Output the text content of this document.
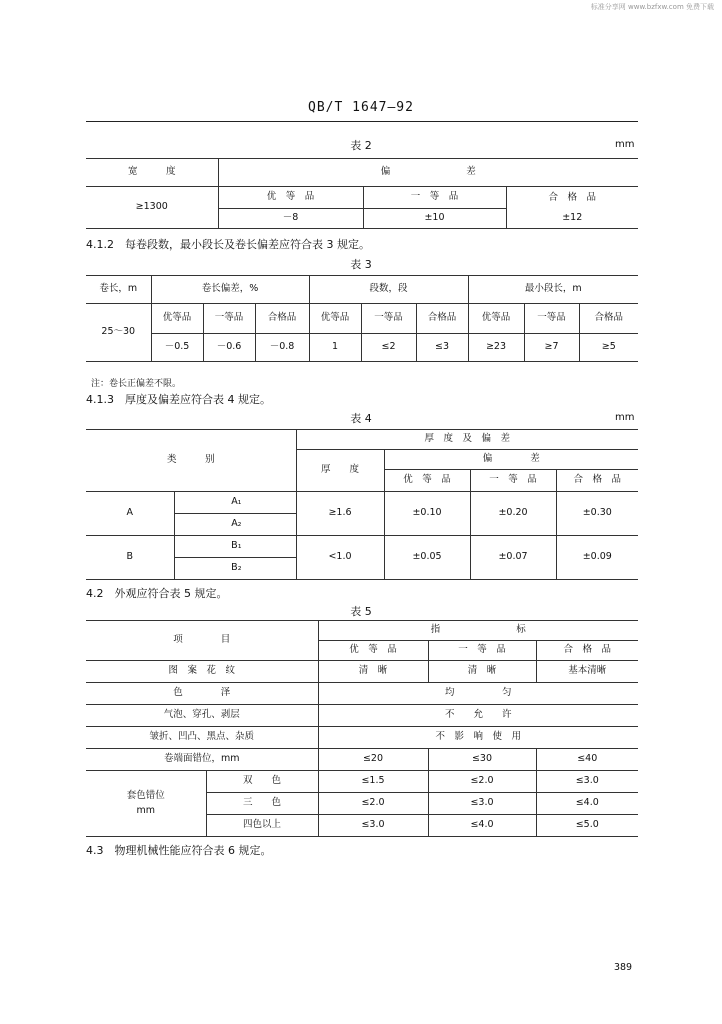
标准分享网 www.bzfxw.com 免费下载
QB/T 1647—92
表 2	mm
宽　　　度	偏　　　　　　　　差		
≥1300	优　等　品	一　等　品	合　格　品
	－8	±10	±12
4.1.2　每卷段数，最小段长及卷长偏差应符合表 3 规定。
表 3
卷长，m	卷长偏差，%			段数，段			最小段长，m		
25～30	优等品	一等品	合格品	优等品	一等品	合格品	优等品	一等品	合格品
	－0.5	－0.6	－0.8	1	≤2	≤3	≥23	≥7	≥5
注：卷长正偏差不限。
4.1.3　厚度及偏差应符合表 4 规定。
表 4	mm
类　　　别		厚　度　及　偏　差			
		厚　　度	偏　　　　差		
			优　等　品	一　等　品	合　格　品
A	A₁	≥1.6	±0.10	±0.20	±0.30
	A₂				
B	B₁	<1.0	±0.05	±0.07	±0.09
	B₂				
4.2　外观应符合表 5 规定。
表 5
项　　　　目		指　　　　　　　　标		
		优　等　品	一　等　品	合　格　品
图　案　花　纹		清　晰	清　晰	基本清晰
色　　　　泽		均　　　　　匀		
气泡、穿孔、剥层		不　　允　　许		
皱折、凹凸、黑点、杂质		不　影　响　使　用		
卷端面错位，mm		≤20	≤30	≤40

套色错位
mm	双　　色	≤1.5	≤2.0	≤3.0
	三　　色	≤2.0	≤3.0	≤4.0
	四色以上	≤3.0	≤4.0	≤5.0
4.3　物理机械性能应符合表 6 规定。
389
